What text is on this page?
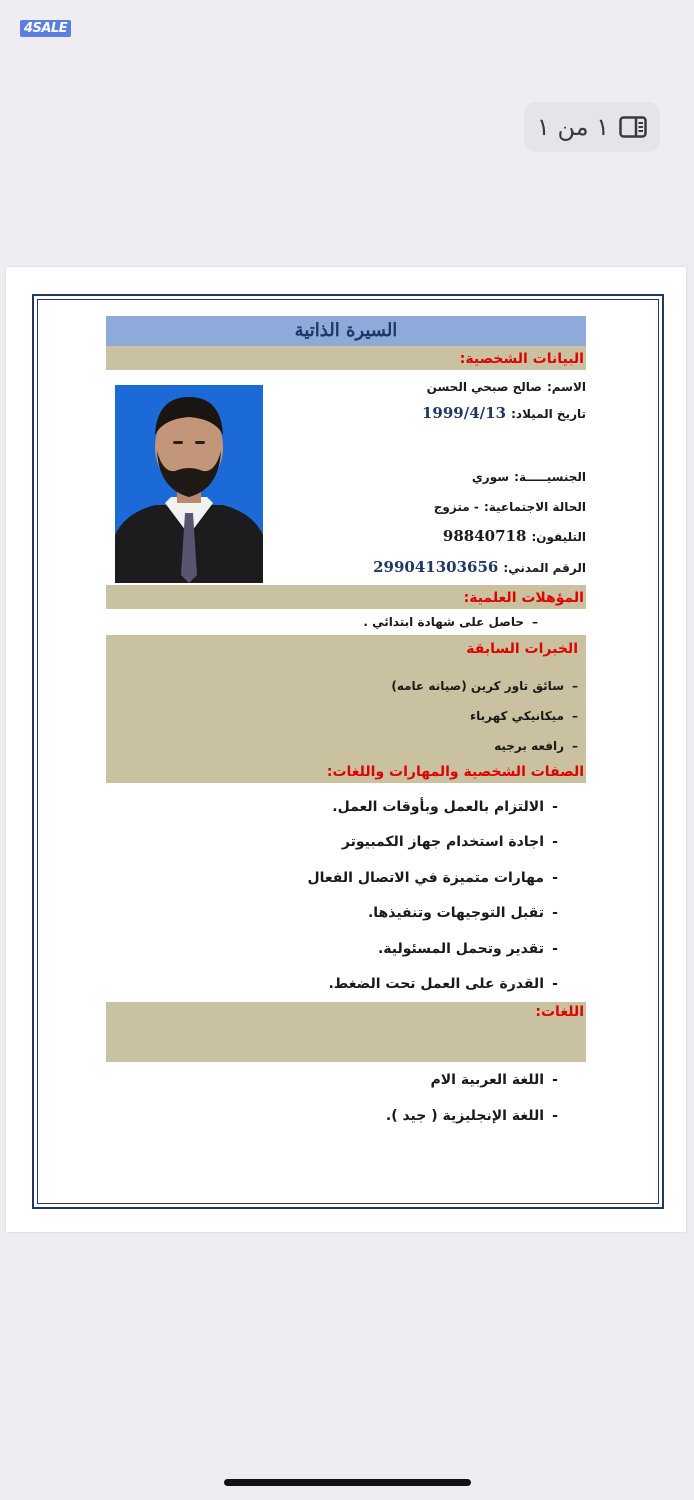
4SALE
١ من ١
السيرة الذاتية
البيانات الشخصية:
الاسم: صالح صبحي الحسن
تاريخ الميلاد: 1999/4/13
الجنسيـــــة: سوري
الحالة الاجتماعية: - متزوج
التليفون: 98840718
الرقم المدني: 299041303656
المؤهلات العلمية:
–حاصل على شهادة ابتدائي .
الخبرات السابقة
–سائق تاور كرين (صيانه عامه)
–ميكانيكي كهرباء
–رافعه برجيه
الصفات الشخصية والمهارات واللغات:
-
الالتزام بالعمل وبأوقات العمل.
-
اجادة استخدام جهاز الكمبيوتر
-
مهارات متميزة في الاتصال الفعال
-
تقبل التوجيهات وتنفيذها.
-
تقدير وتحمل المسئولية.
-
القدرة على العمل تحت الضغط.
اللغات:
-
اللغة العربية الام
-
اللغة الإنجليزية ( جيد ).
